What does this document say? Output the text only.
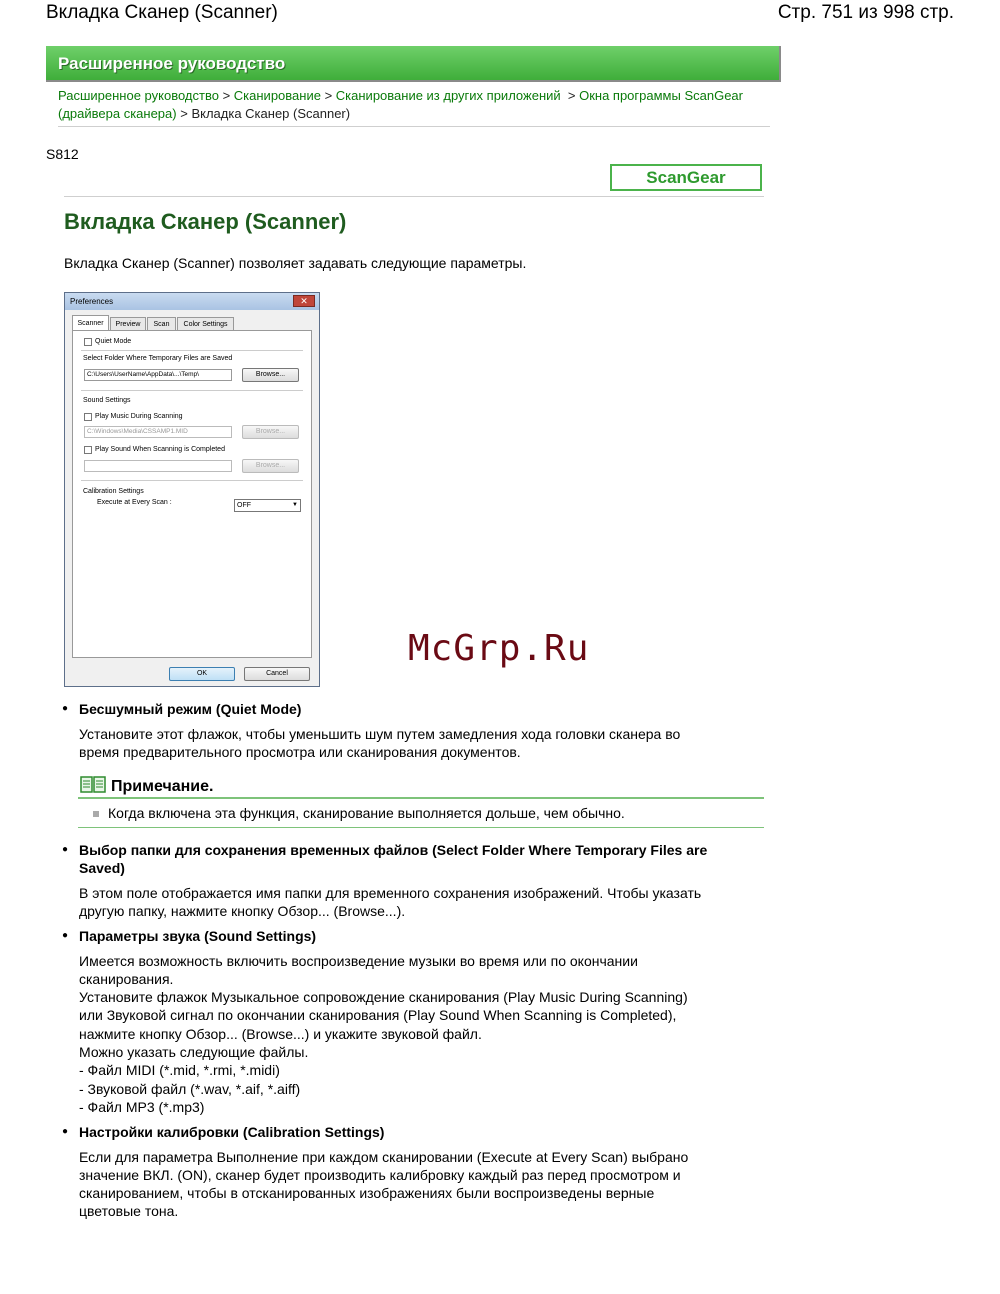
Вкладка Сканер (Scanner)	Стр. 751 из 998 стр.
Расширенное руководство
Расширенное руководство > Сканирование > Сканирование из других приложений > Окна программы ScanGear
(драйвера сканера) > Вкладка Сканер (Scanner)
S812
ScanGear
Вкладка Сканер (Scanner)
Вкладка Сканер (Scanner) позволяет задавать следующие параметры.
Preferences	✕
Scanner	Preview	Scan	Color Settings
Quiet Mode
Select Folder Where Temporary Files are Saved
C:\Users\UserName\AppData\...\Temp\	Browse...
Sound Settings
Play Music During Scanning
C:\Windows\Media\CSSAMP1.MID	Browse...
Play Sound When Scanning is Completed
Browse...
Calibration Settings
Execute at Every Scan :	OFF	▼
OK	Cancel
McGrp.Ru
● Бесшумный режим (Quiet Mode)
Установите этот флажок, чтобы уменьшить шум путем замедления хода головки сканера во
время предварительного просмотра или сканирования документов.
Примечание.
Когда включена эта функция, сканирование выполняется дольше, чем обычно.
● Выбор папки для сохранения временных файлов (Select Folder Where Temporary Files are
Saved)
В этом поле отображается имя папки для временного сохранения изображений. Чтобы указать
другую папку, нажмите кнопку Обзор... (Browse...).
● Параметры звука (Sound Settings)
Имеется возможность включить воспроизведение музыки во время или по окончании
сканирования.
Установите флажок Музыкальное сопровождение сканирования (Play Music During Scanning)
или Звуковой сигнал по окончании сканирования (Play Sound When Scanning is Completed),
нажмите кнопку Обзор... (Browse...) и укажите звуковой файл.
Можно указать следующие файлы.
- Файл MIDI (*.mid, *.rmi, *.midi)
- Звуковой файл (*.wav, *.aif, *.aiff)
- Файл MP3 (*.mp3)
● Настройки калибровки (Calibration Settings)
Если для параметра Выполнение при каждом сканировании (Execute at Every Scan) выбрано
значение ВКЛ. (ON), сканер будет производить калибровку каждый раз перед просмотром и
сканированием, чтобы в отсканированных изображениях были воспроизведены верные
цветовые тона.
